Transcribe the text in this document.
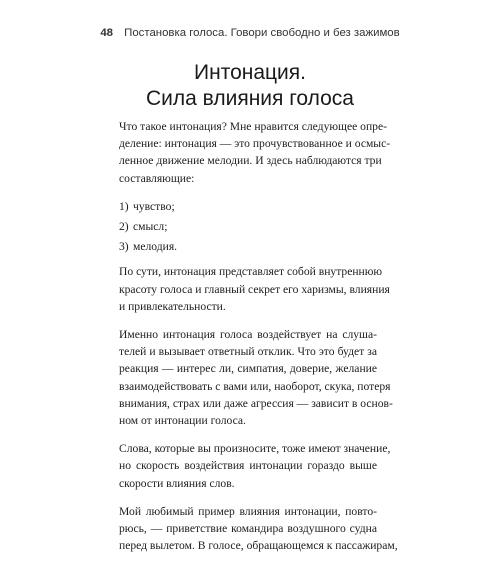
48 Постановка голоса. Говори свободно и без зажимов
Интонация.
Сила влияния голоса
Что такое интонация? Мне нравится следующее опре-
деление: интонация — это прочувствованное и осмыс-
ленное движение мелодии. И здесь наблюдаются три
составляющие:
1) чувство;
2) смысл;
3) мелодия.
По сути, интонация представляет собой внутреннюю
красоту голоса и главный секрет его харизмы, влияния
и привлекательности.
Именно интонация голоса воздействует на слуша-
телей и вызывает ответный отклик. Что это будет за
реакция — интерес ли, симпатия, доверие, желание
взаимодействовать с вами или, наоборот, скука, потеря
внимания, страх или даже агрессия — зависит в основ-
ном от интонации голоса.
Слова, которые вы произносите, тоже имеют значение,
но скорость воздействия интонации гораздо выше
скорости влияния слов.
Мой любимый пример влияния интонации, повто-
рюсь, — приветствие командира воздушного судна
перед вылетом. В голосе, обращающемся к пассажирам,
